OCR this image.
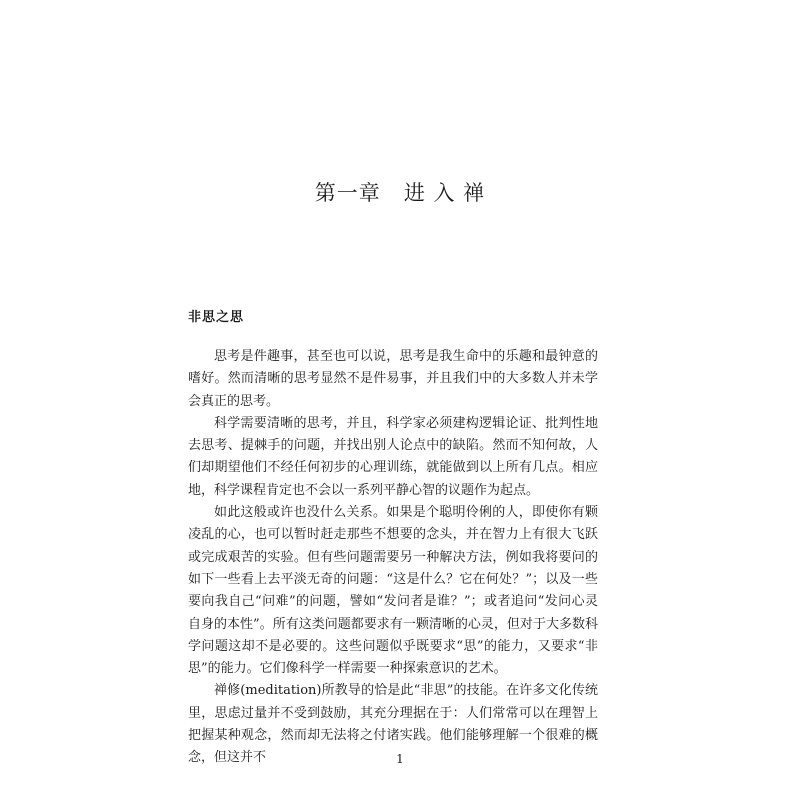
第一章   进 入 禅
非思之思

思考是件趣事，甚至也可以说，思考是我生命中的乐趣和最钟意的嗜好。然而清晰的思考显然不是件易事，并且我们中的大多数人并未学会真正的思考。

科学需要清晰的思考，并且，科学家必须建构逻辑论证、批判性地去思考、提棘手的问题，并找出别人论点中的缺陷。然而不知何故，人们却期望他们不经任何初步的心理训练，就能做到以上所有几点。相应地，科学课程肯定也不会以一系列平静心智的议题作为起点。

如此这般或许也没什么关系。如果是个聪明伶俐的人，即使你有颗凌乱的心，也可以暂时赶走那些不想要的念头，并在智力上有很大飞跃或完成艰苦的实验。但有些问题需要另一种解决方法，例如我将要问的如下一些看上去平淡无奇的问题：“这是什么？它在何处？”；以及一些要向我自己“问难”的问题，譬如“发问者是谁？”；或者追问“发问心灵自身的本性”。所有这类问题都要求有一颗清晰的心灵，但对于大多数科学问题这却不是必要的。这些问题似乎既要求“思”的能力，又要求“非思”的能力。它们像科学一样需要一种探索意识的艺术。

禅修(meditation)所教导的恰是此“非思”的技能。在许多文化传统里，思虑过量并不受到鼓励，其充分理据在于：人们常常可以在理智上把握某种观念，然而却无法将之付诸实践。他们能够理解一个很难的概念，但这并不	1
